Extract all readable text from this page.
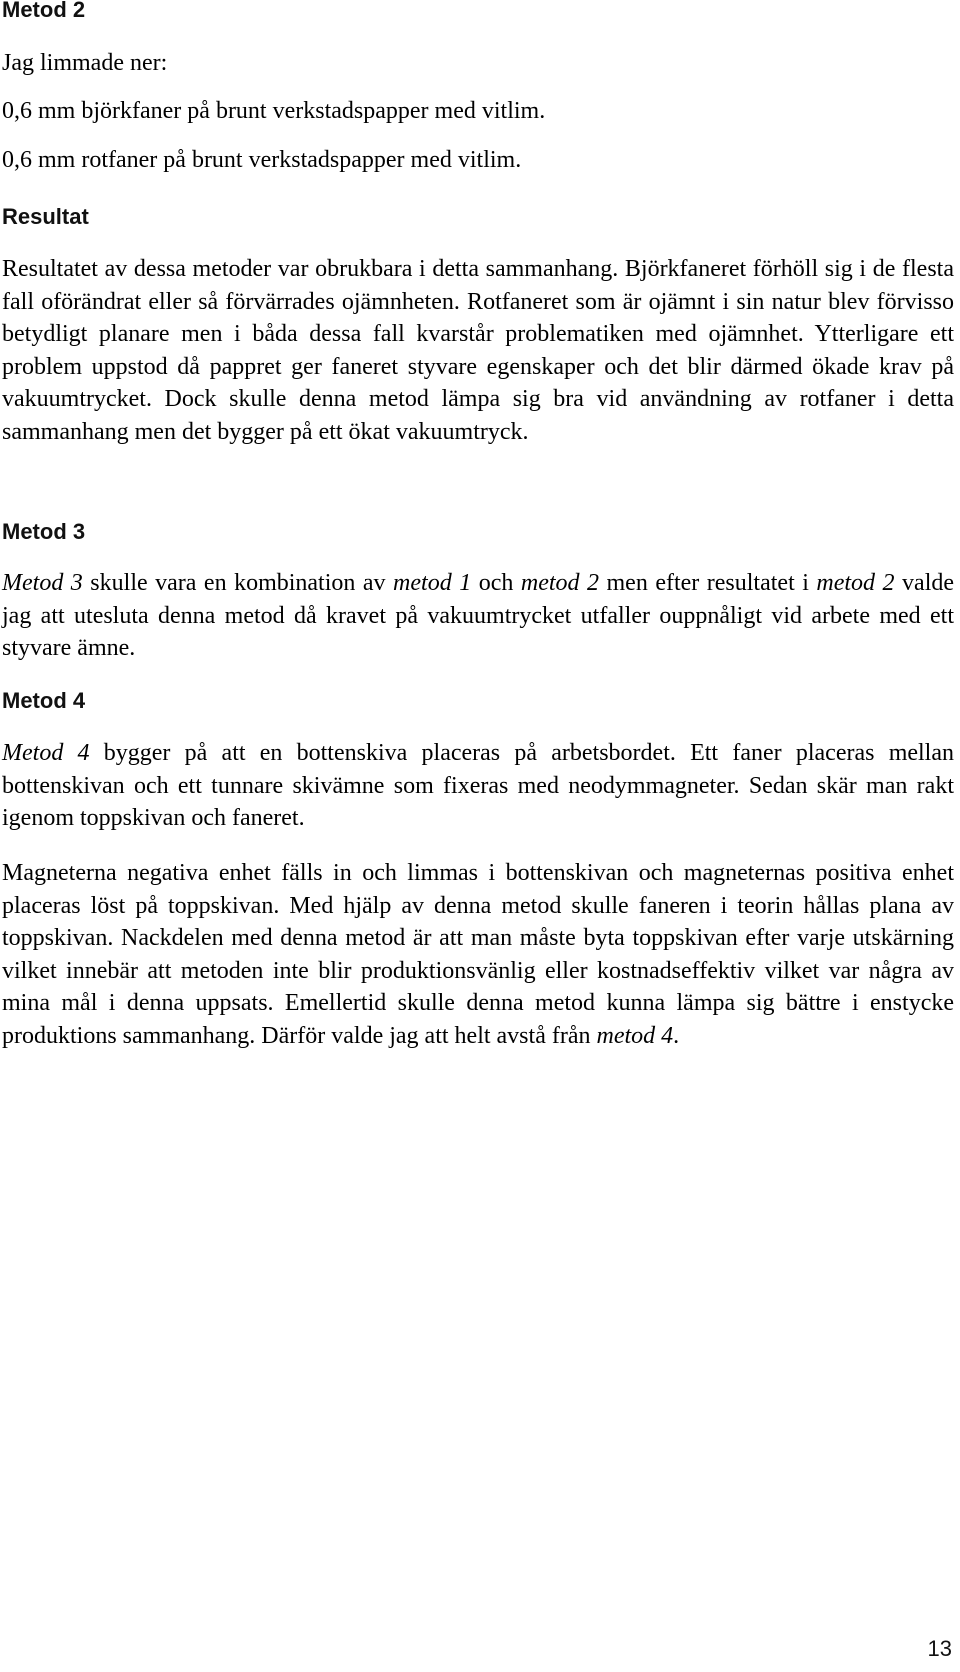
Metod 2

Jag limmade ner:

0,6 mm björkfaner på brunt verkstadspapper med vitlim.

0,6 mm rotfaner på brunt verkstadspapper med vitlim.

Resultat

Resultatet av dessa metoder var obrukbara i detta sammanhang. Björkfaneret förhöll sig i de flesta fall oförändrat eller så förvärrades ojämnheten. Rotfaneret som är ojämnt i sin natur blev förvisso betydligt planare men i båda dessa fall kvarstår problematiken med ojämnhet. Ytterligare ett problem uppstod då pappret ger faneret styvare egenskaper och det blir därmed ökade krav på vakuumtrycket. Dock skulle denna metod lämpa sig bra vid användning av rotfaner i detta sammanhang men det bygger på ett ökat vakuumtryck.

Metod 3

Metod 3 skulle vara en kombination av metod 1 och metod 2 men efter resultatet i metod 2 valde jag att utesluta denna metod då kravet på vakuumtrycket utfaller ouppnåligt vid arbete med ett styvare ämne.

Metod 4

Metod 4 bygger på att en bottenskiva placeras på arbetsbordet. Ett faner placeras mellan bottenskivan och ett tunnare skivämne som fixeras med neodymmagneter. Sedan skär man rakt igenom toppskivan och faneret.

Magneterna negativa enhet fälls in och limmas i bottenskivan och magneternas positiva enhet placeras löst på toppskivan. Med hjälp av denna metod skulle faneren i teorin hållas plana av toppskivan. Nackdelen med denna metod är att man måste byta toppskivan efter varje utskärning vilket innebär att metoden inte blir produktionsvänlig eller kostnadseffektiv vilket var några av mina mål i denna uppsats. Emellertid skulle denna metod kunna lämpa sig bättre i enstycke produktions sammanhang. Därför valde jag att helt avstå från metod 4.

13
